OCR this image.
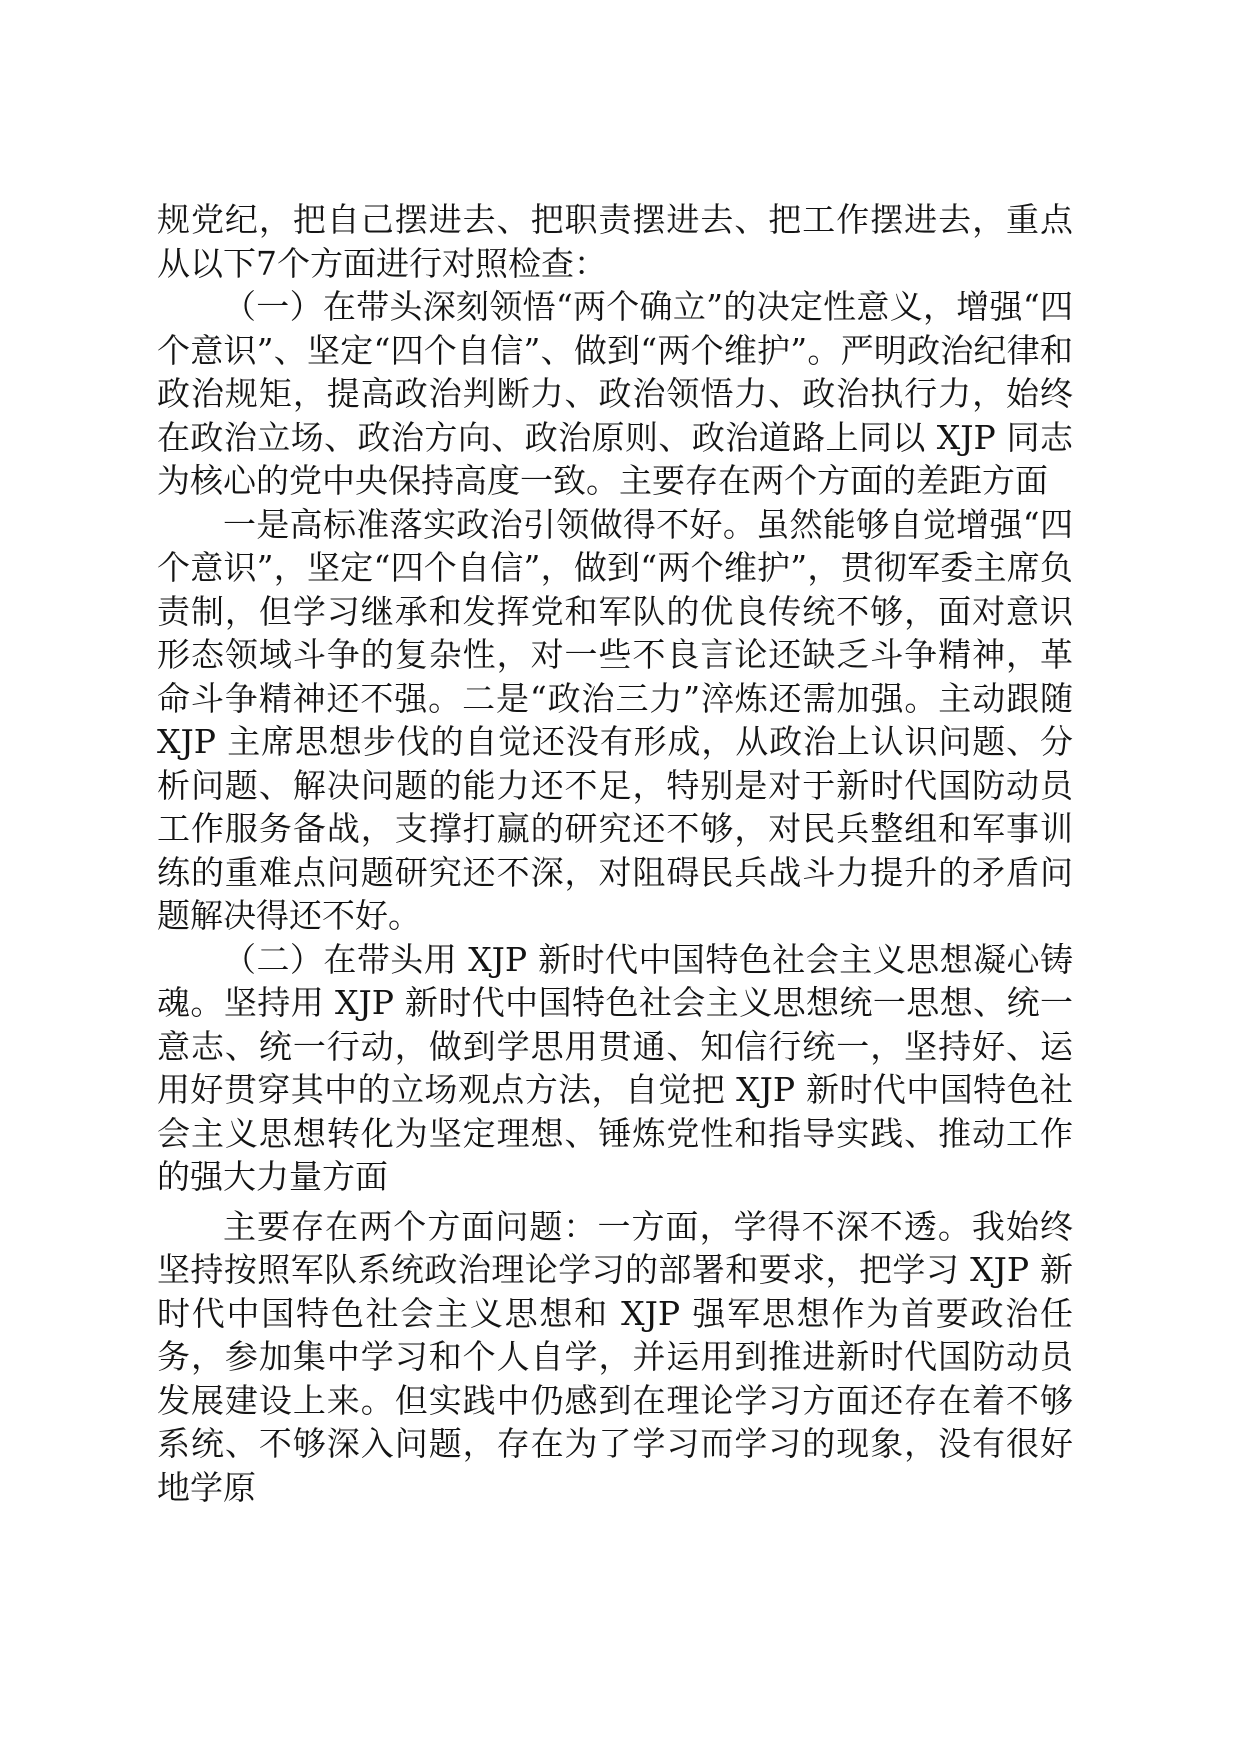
规党纪，把自己摆进去、把职责摆进去、把工作摆进去，重点从以下7个方面进行对照检查：

（一）在带头深刻领悟“两个确立”的决定性意义，增强“四个意识”、坚定“四个自信”、做到“两个维护”。严明政治纪律和政治规矩，提高政治判断力、政治领悟力、政治执行力，始终在政治立场、政治方向、政治原则、政治道路上同以 XJP 同志为核心的党中央保持高度一致。主要存在两个方面的差距方面

一是高标准落实政治引领做得不好。虽然能够自觉增强“四个意识”，坚定“四个自信”，做到“两个维护”，贯彻军委主席负责制，但学习继承和发挥党和军队的优良传统不够，面对意识形态领域斗争的复杂性，对一些不良言论还缺乏斗争精神，革命斗争精神还不强。二是“政治三力”淬炼还需加强。主动跟随 XJP 主席思想步伐的自觉还没有形成，从政治上认识问题、分析问题、解决问题的能力还不足，特别是对于新时代国防动员工作服务备战，支撑打赢的研究还不够，对民兵整组和军事训练的重难点问题研究还不深，对阻碍民兵战斗力提升的矛盾问题解决得还不好。

（二）在带头用 XJP 新时代中国特色社会主义思想凝心铸魂。坚持用 XJP 新时代中国特色社会主义思想统一思想、统一意志、统一行动，做到学思用贯通、知信行统一，坚持好、运用好贯穿其中的立场观点方法，自觉把 XJP 新时代中国特色社会主义思想转化为坚定理想、锤炼党性和指导实践、推动工作的强大力量方面

主要存在两个方面问题：一方面，学得不深不透。我始终坚持按照军队系统政治理论学习的部署和要求，把学习 XJP 新时代中国特色社会主义思想和 XJP 强军思想作为首要政治任务，参加集中学习和个人自学，并运用到推进新时代国防动员发展建设上来。但实践中仍感到在理论学习方面还存在着不够系统、不够深入问题，存在为了学习而学习的现象，没有很好地学原
